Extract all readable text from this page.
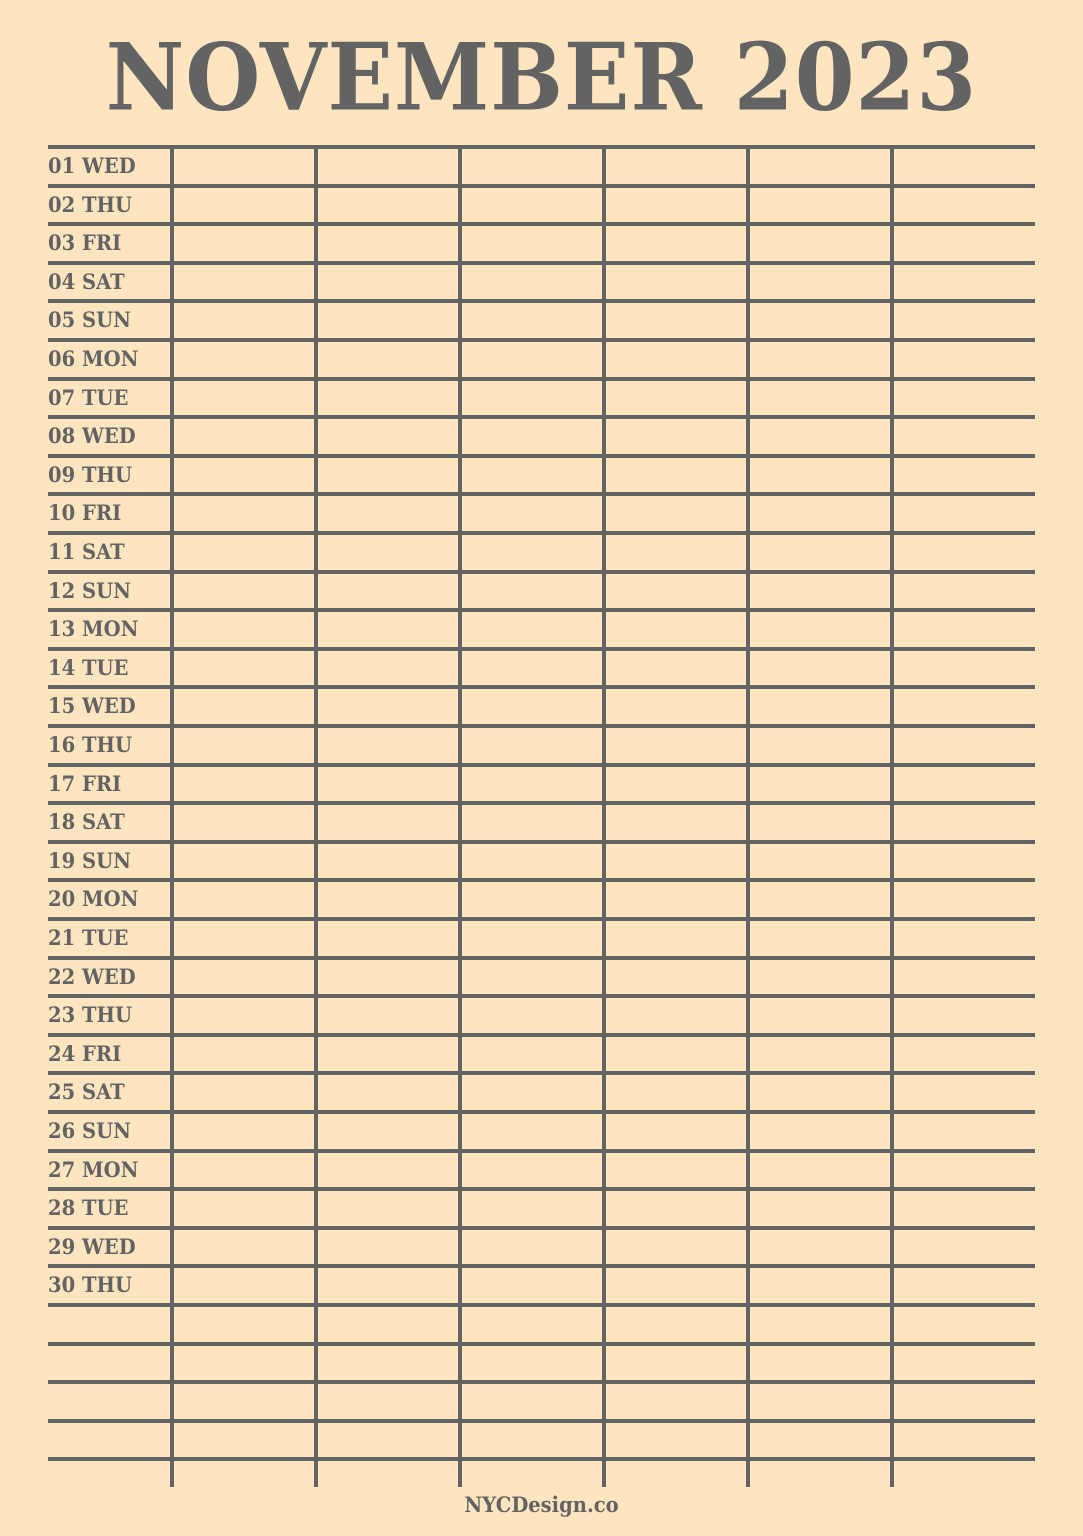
NOVEMBER 2023
01 WED
02 THU
03 FRI
04 SAT
05 SUN
06 MON
07 TUE
08 WED
09 THU
10 FRI
11 SAT
12 SUN
13 MON
14 TUE
15 WED
16 THU
17 FRI
18 SAT
19 SUN
20 MON
21 TUE
22 WED
23 THU
24 FRI
25 SAT
26 SUN
27 MON
28 TUE
29 WED
30 THU
NYCDesign.co
